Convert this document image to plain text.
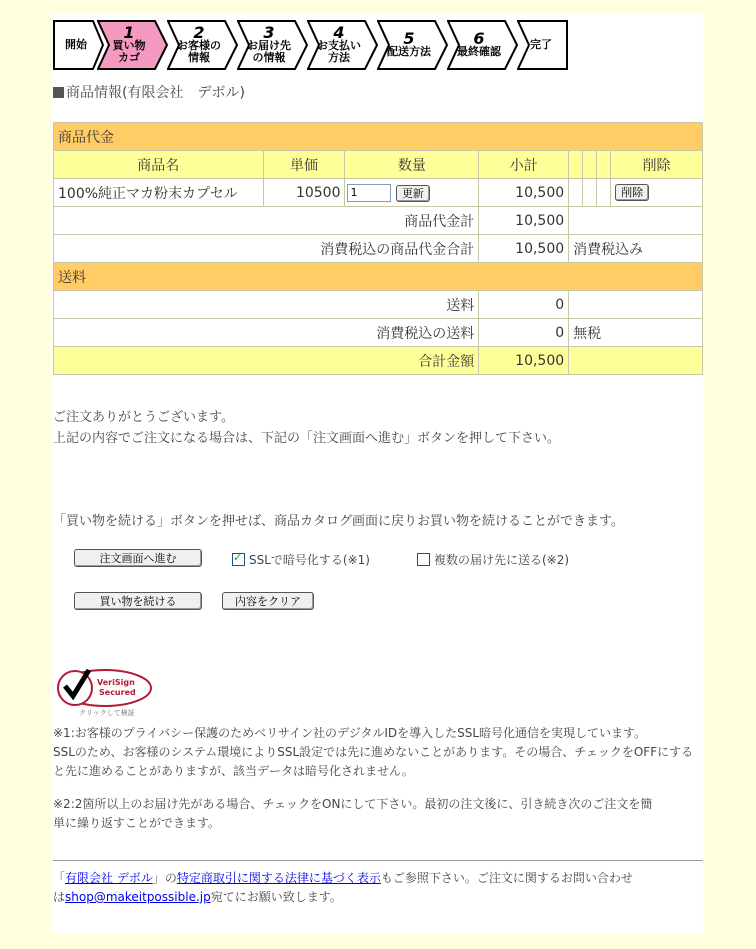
開始
1
買い物
カゴ
2
お客様の
情報
3
お届け先
の情報
4
お支払い
方法
5
配送方法
6
最終確認
完了
商品情報(有限会社　デボル)
商品代金							
商品名	単価	数量	小計				削除
100%純正マカ粉末カプセル	10500	1更新	10,500				削除
商品代金計			10,500				
消費税込の商品代金合計			10,500	消費税込み			
送料							
送料			0				
消費税込の送料			0	無税			
合計金額			10,500				
ご注文ありがとうございます。
上記の内容でご注文になる場合は、下記の「注文画面へ進む」ボタンを押して下さい。
「買い物を続ける」ボタンを押せば、商品カタログ画面に戻りお買い物を続けることができます。
注文画面へ進む ✓	SSLで暗号化する(※1)	複数の届け先に送る(※2)
買い物を続ける	内容をクリア
VeriSign
Secured
クリックして検証
※1:お客様のプライバシー保護のためベリサイン社のデジタルIDを導入したSSL暗号化通信を実現しています。
SSLのため、お客様のシステム環境によりSSL設定では先に進めないことがあります。その場合、チェックをOFFにする
と先に進めることがありますが、該当データは暗号化されません。
※2:2箇所以上のお届け先がある場合、チェックをONにして下さい。最初の注文後に、引き続き次のご注文を簡
単に繰り返すことができます。
「有限会社 デボル」の特定商取引に関する法律に基づく表示もご参照下さい。ご注文に関するお問い合わせ
はshop@makeitpossible.jp宛てにお願い致します。
